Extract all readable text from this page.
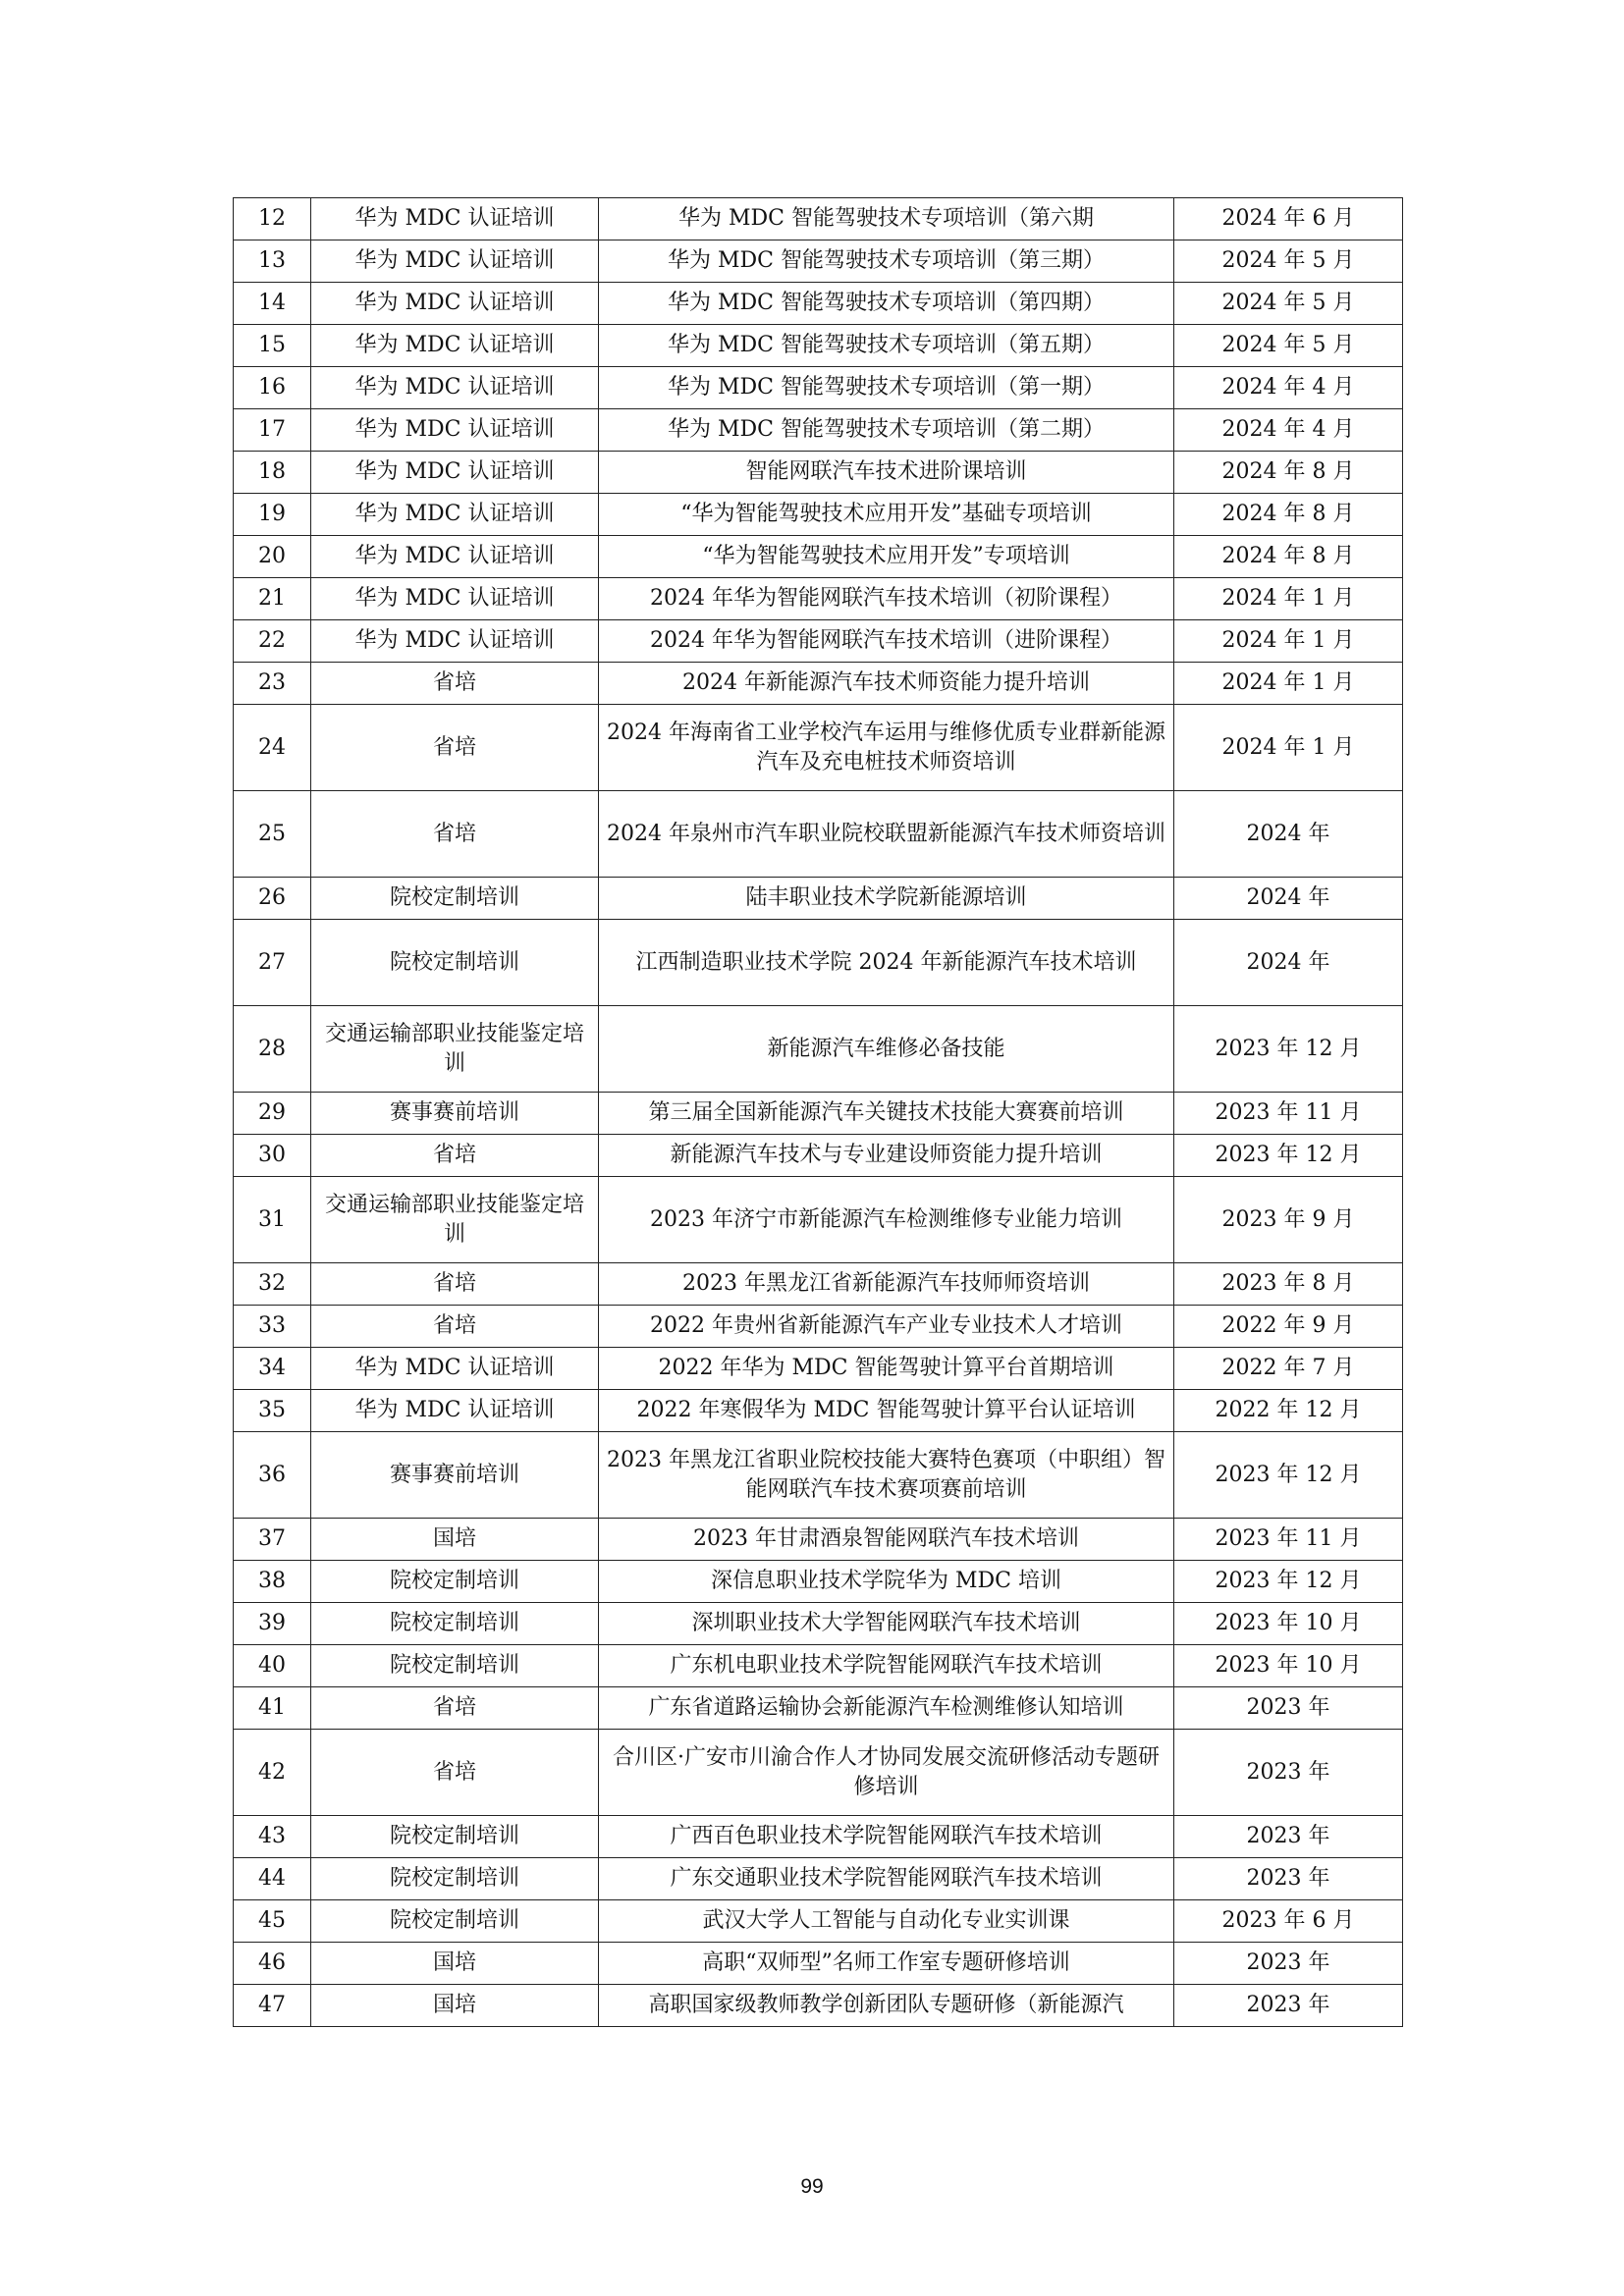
12	华为 MDC 认证培训	华为 MDC 智能驾驶技术专项培训（第六期	2024 年 6 月
13	华为 MDC 认证培训	华为 MDC 智能驾驶技术专项培训（第三期）	2024 年 5 月
14	华为 MDC 认证培训	华为 MDC 智能驾驶技术专项培训（第四期）	2024 年 5 月
15	华为 MDC 认证培训	华为 MDC 智能驾驶技术专项培训（第五期）	2024 年 5 月
16	华为 MDC 认证培训	华为 MDC 智能驾驶技术专项培训（第一期）	2024 年 4 月
17	华为 MDC 认证培训	华为 MDC 智能驾驶技术专项培训（第二期）	2024 年 4 月
18	华为 MDC 认证培训	智能网联汽车技术进阶课培训	2024 年 8 月
19	华为 MDC 认证培训	“华为智能驾驶技术应用开发”基础专项培训	2024 年 8 月
20	华为 MDC 认证培训	“华为智能驾驶技术应用开发”专项培训	2024 年 8 月
21	华为 MDC 认证培训	2024 年华为智能网联汽车技术培训（初阶课程）	2024 年 1 月
22	华为 MDC 认证培训	2024 年华为智能网联汽车技术培训（进阶课程）	2024 年 1 月
23	省培	2024 年新能源汽车技术师资能力提升培训	2024 年 1 月
24	省培	2024 年海南省工业学校汽车运用与维修优质专业群新能源汽车及充电桩技术师资培训	2024 年 1 月
25	省培	2024 年泉州市汽车职业院校联盟新能源汽车技术师资培训	2024 年
26	院校定制培训	陆丰职业技术学院新能源培训	2024 年
27	院校定制培训	江西制造职业技术学院 2024 年新能源汽车技术培训	2024 年
28	交通运输部职业技能鉴定培训	新能源汽车维修必备技能	2023 年 12 月
29	赛事赛前培训	第三届全国新能源汽车关键技术技能大赛赛前培训	2023 年 11 月
30	省培	新能源汽车技术与专业建设师资能力提升培训	2023 年 12 月
31	交通运输部职业技能鉴定培训	2023 年济宁市新能源汽车检测维修专业能力培训	2023 年 9 月
32	省培	2023 年黑龙江省新能源汽车技师师资培训	2023 年 8 月
33	省培	2022 年贵州省新能源汽车产业专业技术人才培训	2022 年 9 月
34	华为 MDC 认证培训	2022 年华为 MDC 智能驾驶计算平台首期培训	2022 年 7 月
35	华为 MDC 认证培训	2022 年寒假华为 MDC 智能驾驶计算平台认证培训	2022 年 12 月
36	赛事赛前培训	2023 年黑龙江省职业院校技能大赛特色赛项（中职组）智能网联汽车技术赛项赛前培训	2023 年 12 月
37	国培	2023 年甘肃酒泉智能网联汽车技术培训	2023 年 11 月
38	院校定制培训	深信息职业技术学院华为 MDC 培训	2023 年 12 月
39	院校定制培训	深圳职业技术大学智能网联汽车技术培训	2023 年 10 月
40	院校定制培训	广东机电职业技术学院智能网联汽车技术培训	2023 年 10 月
41	省培	广东省道路运输协会新能源汽车检测维修认知培训	2023 年
42	省培	合川区·广安市川渝合作人才协同发展交流研修活动专题研修培训	2023 年
43	院校定制培训	广西百色职业技术学院智能网联汽车技术培训	2023 年
44	院校定制培训	广东交通职业技术学院智能网联汽车技术培训	2023 年
45	院校定制培训	武汉大学人工智能与自动化专业实训课	2023 年 6 月
46	国培	高职“双师型”名师工作室专题研修培训	2023 年
47	国培	高职国家级教师教学创新团队专题研修（新能源汽	2023 年
99
